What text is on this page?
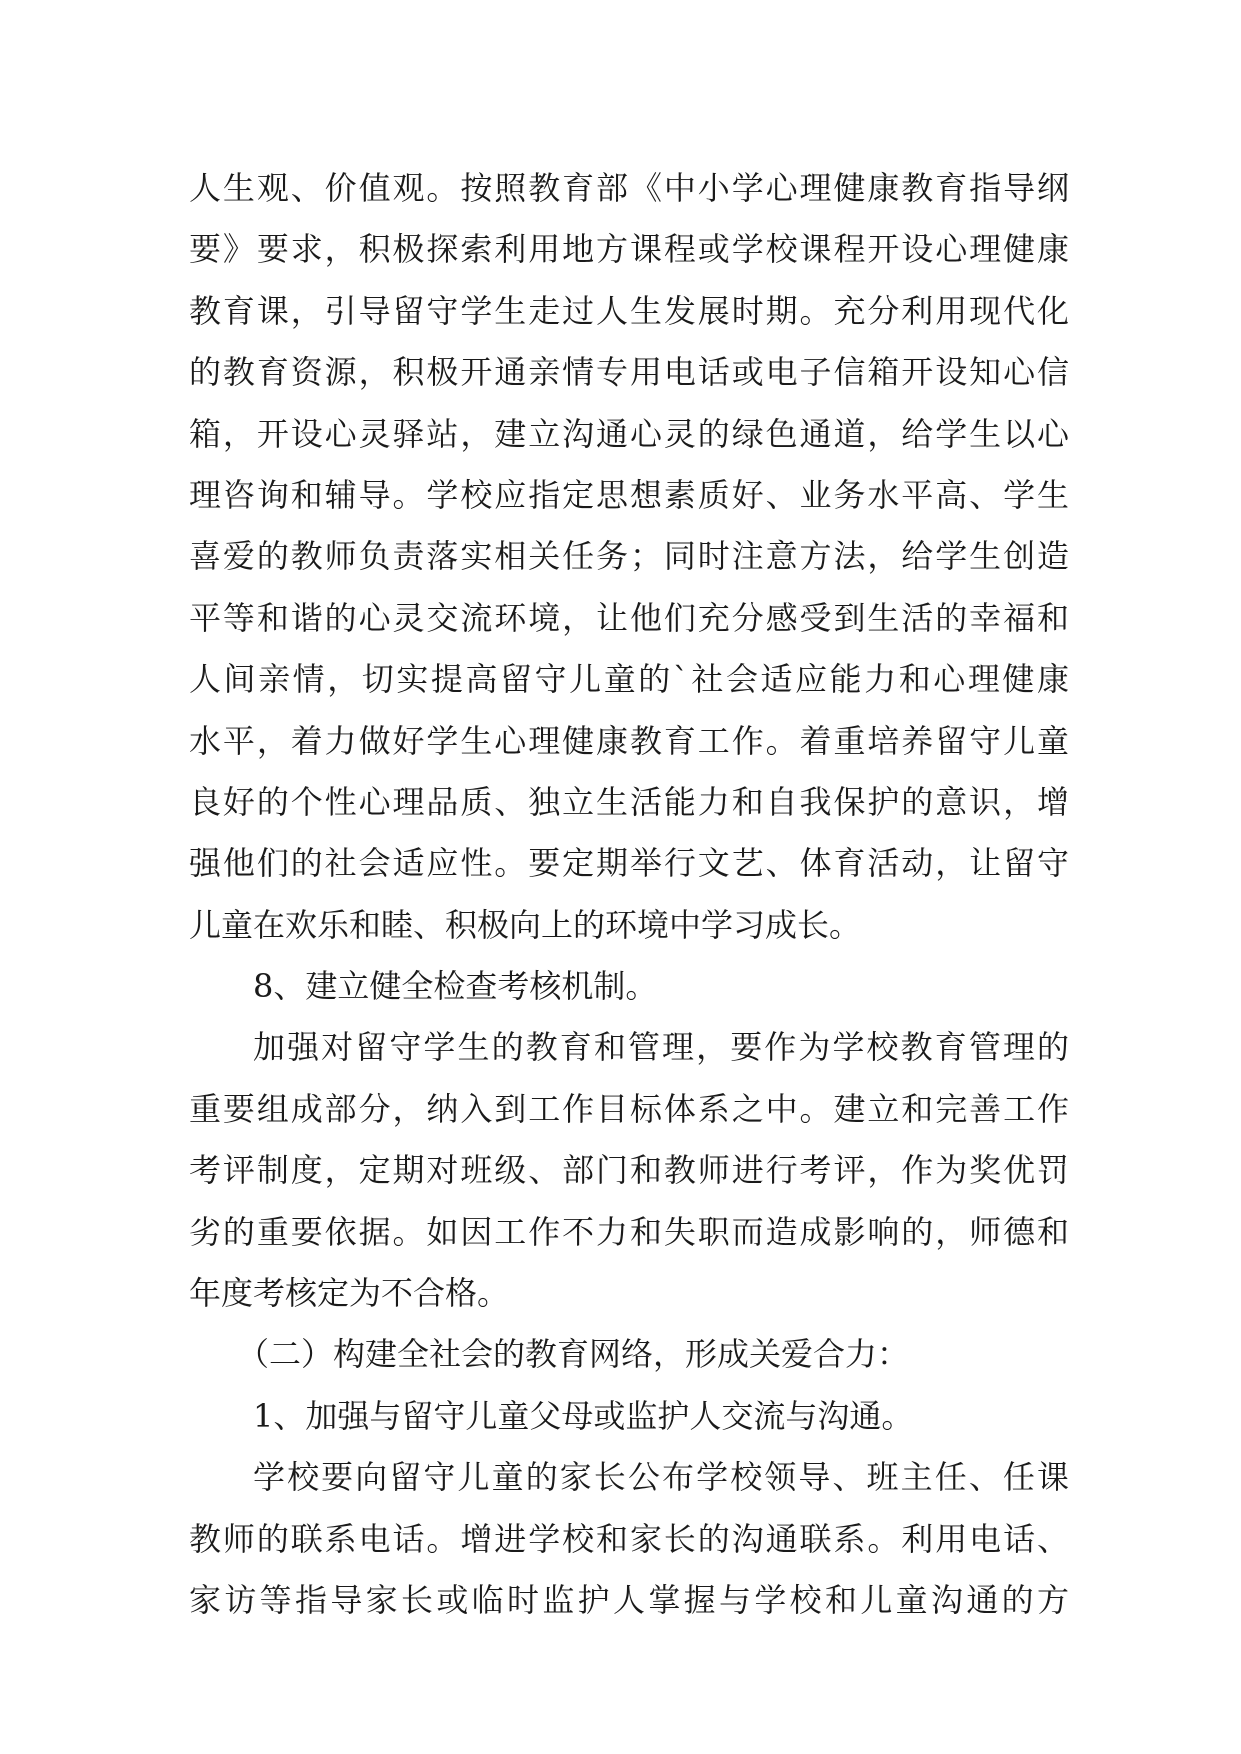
人生观、价值观。按照教育部《中小学心理健康教育指导纲
要》要求，积极探索利用地方课程或学校课程开设心理健康
教育课，引导留守学生走过人生发展时期。充分利用现代化
的教育资源，积极开通亲情专用电话或电子信箱开设知心信
箱，开设心灵驿站，建立沟通心灵的绿色通道，给学生以心
理咨询和辅导。学校应指定思想素质好、业务水平高、学生
喜爱的教师负责落实相关任务；同时注意方法，给学生创造
平等和谐的心灵交流环境，让他们充分感受到生活的幸福和
人间亲情，切实提高留守儿童的`社会适应能力和心理健康
水平，着力做好学生心理健康教育工作。着重培养留守儿童
良好的个性心理品质、独立生活能力和自我保护的意识，增
强他们的社会适应性。要定期举行文艺、体育活动，让留守
儿童在欢乐和睦、积极向上的环境中学习成长。
8、建立健全检查考核机制。
加强对留守学生的教育和管理，要作为学校教育管理的
重要组成部分，纳入到工作目标体系之中。建立和完善工作
考评制度，定期对班级、部门和教师进行考评，作为奖优罚
劣的重要依据。如因工作不力和失职而造成影响的，师德和
年度考核定为不合格。
（二）构建全社会的教育网络，形成关爱合力：
1、加强与留守儿童父母或监护人交流与沟通。
学校要向留守儿童的家长公布学校领导、班主任、任课
教师的联系电话。增进学校和家长的沟通联系。利用电话、
家访等指导家长或临时监护人掌握与学校和儿童沟通的方
